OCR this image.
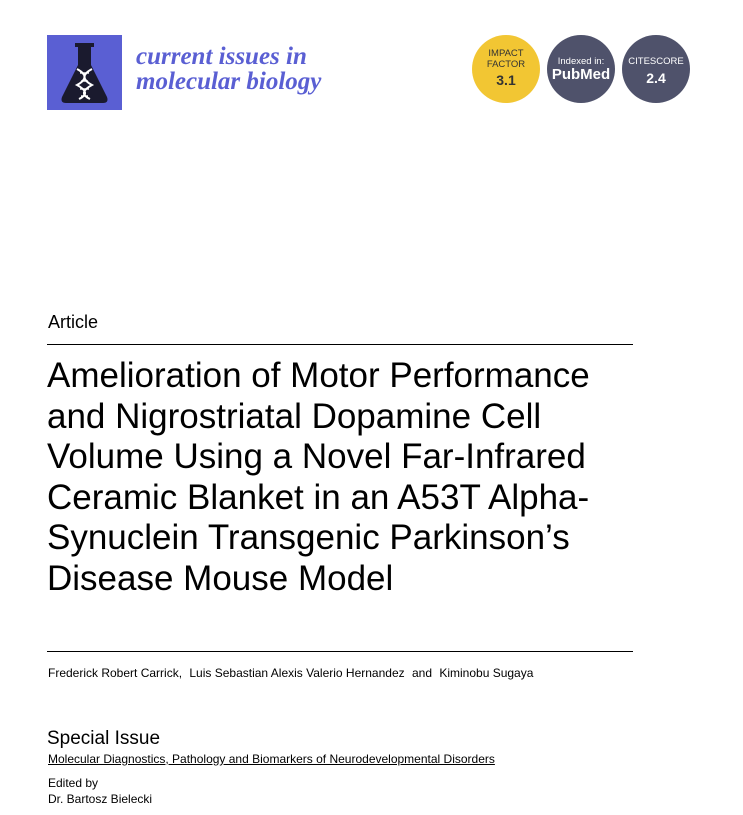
current issues in
molecular biology
IMPACT
FACTOR
3.1
Indexed in:
PubMed
CITESCORE
2.4
Article
Amelioration of Motor Performance
and Nigrostriatal Dopamine Cell
Volume Using a Novel Far-Infrared
Ceramic Blanket in an A53T Alpha-
Synuclein Transgenic Parkinson’s
Disease Mouse Model
Frederick Robert Carrick, Luis Sebastian Alexis Valerio Hernandez and Kiminobu Sugaya
Special Issue
Molecular Diagnostics, Pathology and Biomarkers of Neurodevelopmental Disorders
Edited by
Dr. Bartosz Bielecki
